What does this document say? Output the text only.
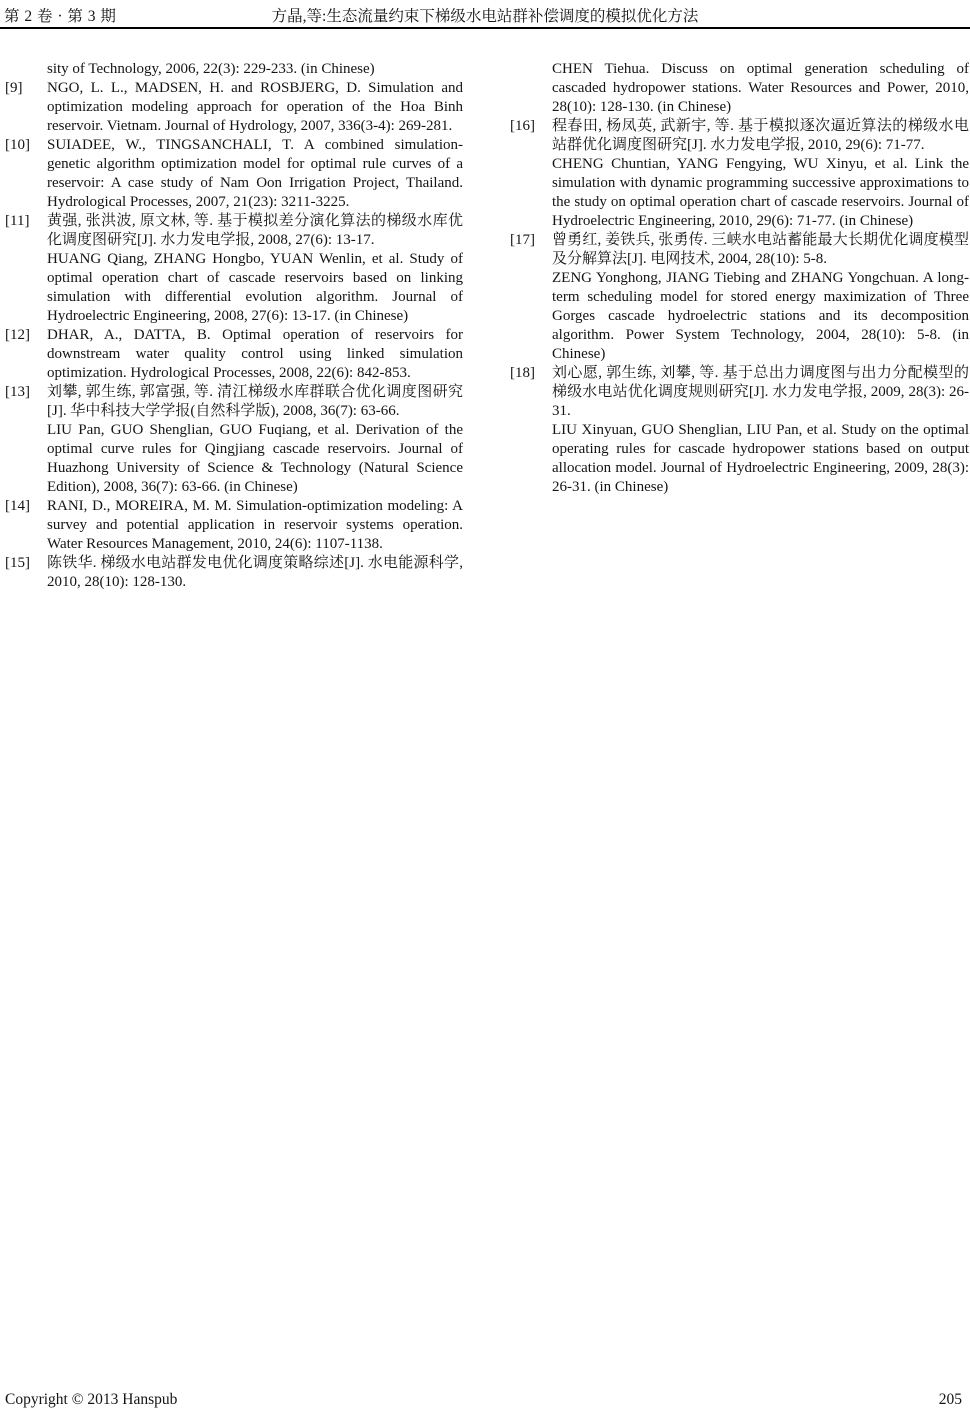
第 2 卷 · 第 3 期	方晶,等:生态流量约束下梯级水电站群补偿调度的模拟优化方法

sity of Technology, 2006, 22(3): 229-233. (in Chinese)

[9]	NGO, L. L., MADSEN, H. and ROSBJERG, D. Simulation and optimization modeling approach for operation of the Hoa Binh reservoir. Vietnam. Journal of Hydrology, 2007, 336(3-4): 269-281.

[10]	SUIADEE, W., TINGSANCHALI, T. A combined simulation-genetic algorithm optimization model for optimal rule curves of a reservoir: A case study of Nam Oon Irrigation Project, Thailand. Hydrological Processes, 2007, 21(23): 3211-3225.

[11]	黄强, 张洪波, 原文林, 等. 基于模拟差分演化算法的梯级水库优化调度图研究[J]. 水力发电学报, 2008, 27(6): 13-17.

HUANG Qiang, ZHANG Hongbo, YUAN Wenlin, et al. Study of optimal operation chart of cascade reservoirs based on linking simulation with differential evolution algorithm. Journal of Hydroelectric Engineering, 2008, 27(6): 13-17. (in Chinese)

[12]	DHAR, A., DATTA, B. Optimal operation of reservoirs for downstream water quality control using linked simulation optimization. Hydrological Processes, 2008, 22(6): 842-853.

[13]	刘攀, 郭生练, 郭富强, 等. 清江梯级水库群联合优化调度图研究[J]. 华中科技大学学报(自然科学版), 2008, 36(7): 63-66.

LIU Pan, GUO Shenglian, GUO Fuqiang, et al. Derivation of the optimal curve rules for Qingjiang cascade reservoirs. Journal of Huazhong University of Science & Technology (Natural Science Edition), 2008, 36(7): 63-66. (in Chinese)

[14]	RANI, D., MOREIRA, M. M. Simulation-optimization modeling: A survey and potential application in reservoir systems operation. Water Resources Management, 2010, 24(6): 1107-1138.

[15]	陈铁华. 梯级水电站群发电优化调度策略综述[J]. 水电能源科学, 2010, 28(10): 128-130.

CHEN Tiehua. Discuss on optimal generation scheduling of cascaded hydropower stations. Water Resources and Power, 2010, 28(10): 128-130. (in Chinese)

[16]	程春田, 杨凤英, 武新宇, 等. 基于模拟逐次逼近算法的梯级水电站群优化调度图研究[J]. 水力发电学报, 2010, 29(6): 71-77.

CHENG Chuntian, YANG Fengying, WU Xinyu, et al. Link the simulation with dynamic programming successive approximations to the study on optimal operation chart of cascade reservoirs. Journal of Hydroelectric Engineering, 2010, 29(6): 71-77. (in Chinese)

[17]	曾勇红, 姜铁兵, 张勇传. 三峡水电站蓄能最大长期优化调度模型及分解算法[J]. 电网技术, 2004, 28(10): 5-8.

ZENG Yonghong, JIANG Tiebing and ZHANG Yongchuan. A long-term scheduling model for stored energy maximization of Three Gorges cascade hydroelectric stations and its decomposition algorithm. Power System Technology, 2004, 28(10): 5-8. (in Chinese)

[18]	刘心愿, 郭生练, 刘攀, 等. 基于总出力调度图与出力分配模型的梯级水电站优化调度规则研究[J]. 水力发电学报, 2009, 28(3): 26-31.

LIU Xinyuan, GUO Shenglian, LIU Pan, et al. Study on the optimal operating rules for cascade hydropower stations based on output allocation model. Journal of Hydroelectric Engineering, 2009, 28(3): 26-31. (in Chinese)

Copyright © 2013 Hanspub	205
